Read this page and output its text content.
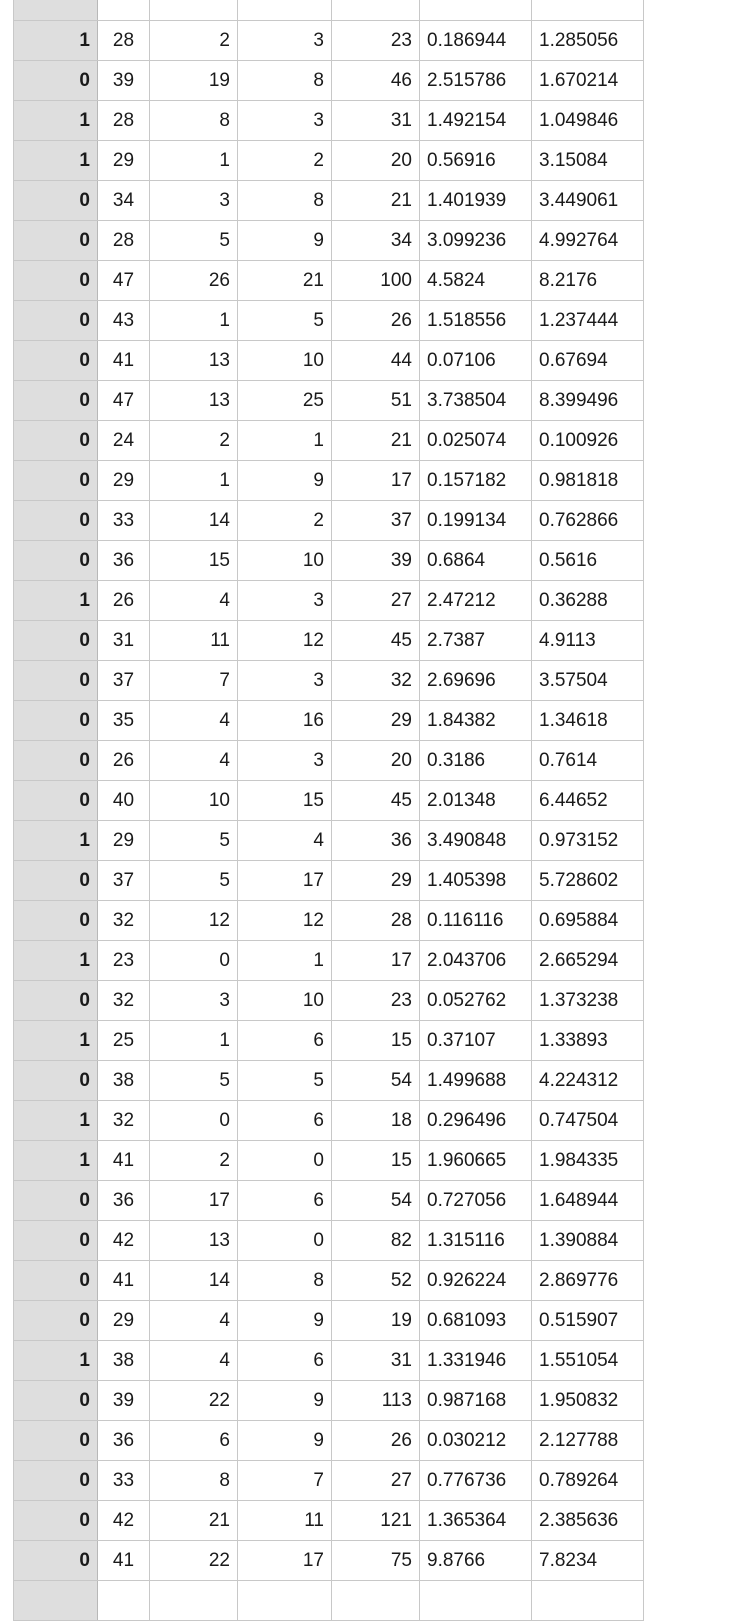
1	28	2	3	23	0.186944	1.285056
0	39	19	8	46	2.515786	1.670214
1	28	8	3	31	1.492154	1.049846
1	29	1	2	20	0.56916	3.15084
0	34	3	8	21	1.401939	3.449061
0	28	5	9	34	3.099236	4.992764
0	47	26	21	100	4.5824	8.2176
0	43	1	5	26	1.518556	1.237444
0	41	13	10	44	0.07106	0.67694
0	47	13	25	51	3.738504	8.399496
0	24	2	1	21	0.025074	0.100926
0	29	1	9	17	0.157182	0.981818
0	33	14	2	37	0.199134	0.762866
0	36	15	10	39	0.6864	0.5616
1	26	4	3	27	2.47212	0.36288
0	31	11	12	45	2.7387	4.9113
0	37	7	3	32	2.69696	3.57504
0	35	4	16	29	1.84382	1.34618
0	26	4	3	20	0.3186	0.7614
0	40	10	15	45	2.01348	6.44652
1	29	5	4	36	3.490848	0.973152
0	37	5	17	29	1.405398	5.728602
0	32	12	12	28	0.116116	0.695884
1	23	0	1	17	2.043706	2.665294
0	32	3	10	23	0.052762	1.373238
1	25	1	6	15	0.37107	1.33893
0	38	5	5	54	1.499688	4.224312
1	32	0	6	18	0.296496	0.747504
1	41	2	0	15	1.960665	1.984335
0	36	17	6	54	0.727056	1.648944
0	42	13	0	82	1.315116	1.390884
0	41	14	8	52	0.926224	2.869776
0	29	4	9	19	0.681093	0.515907
1	38	4	6	31	1.331946	1.551054
0	39	22	9	113	0.987168	1.950832
0	36	6	9	26	0.030212	2.127788
0	33	8	7	27	0.776736	0.789264
0	42	21	11	121	1.365364	2.385636
0	41	22	17	75	9.8766	7.8234
